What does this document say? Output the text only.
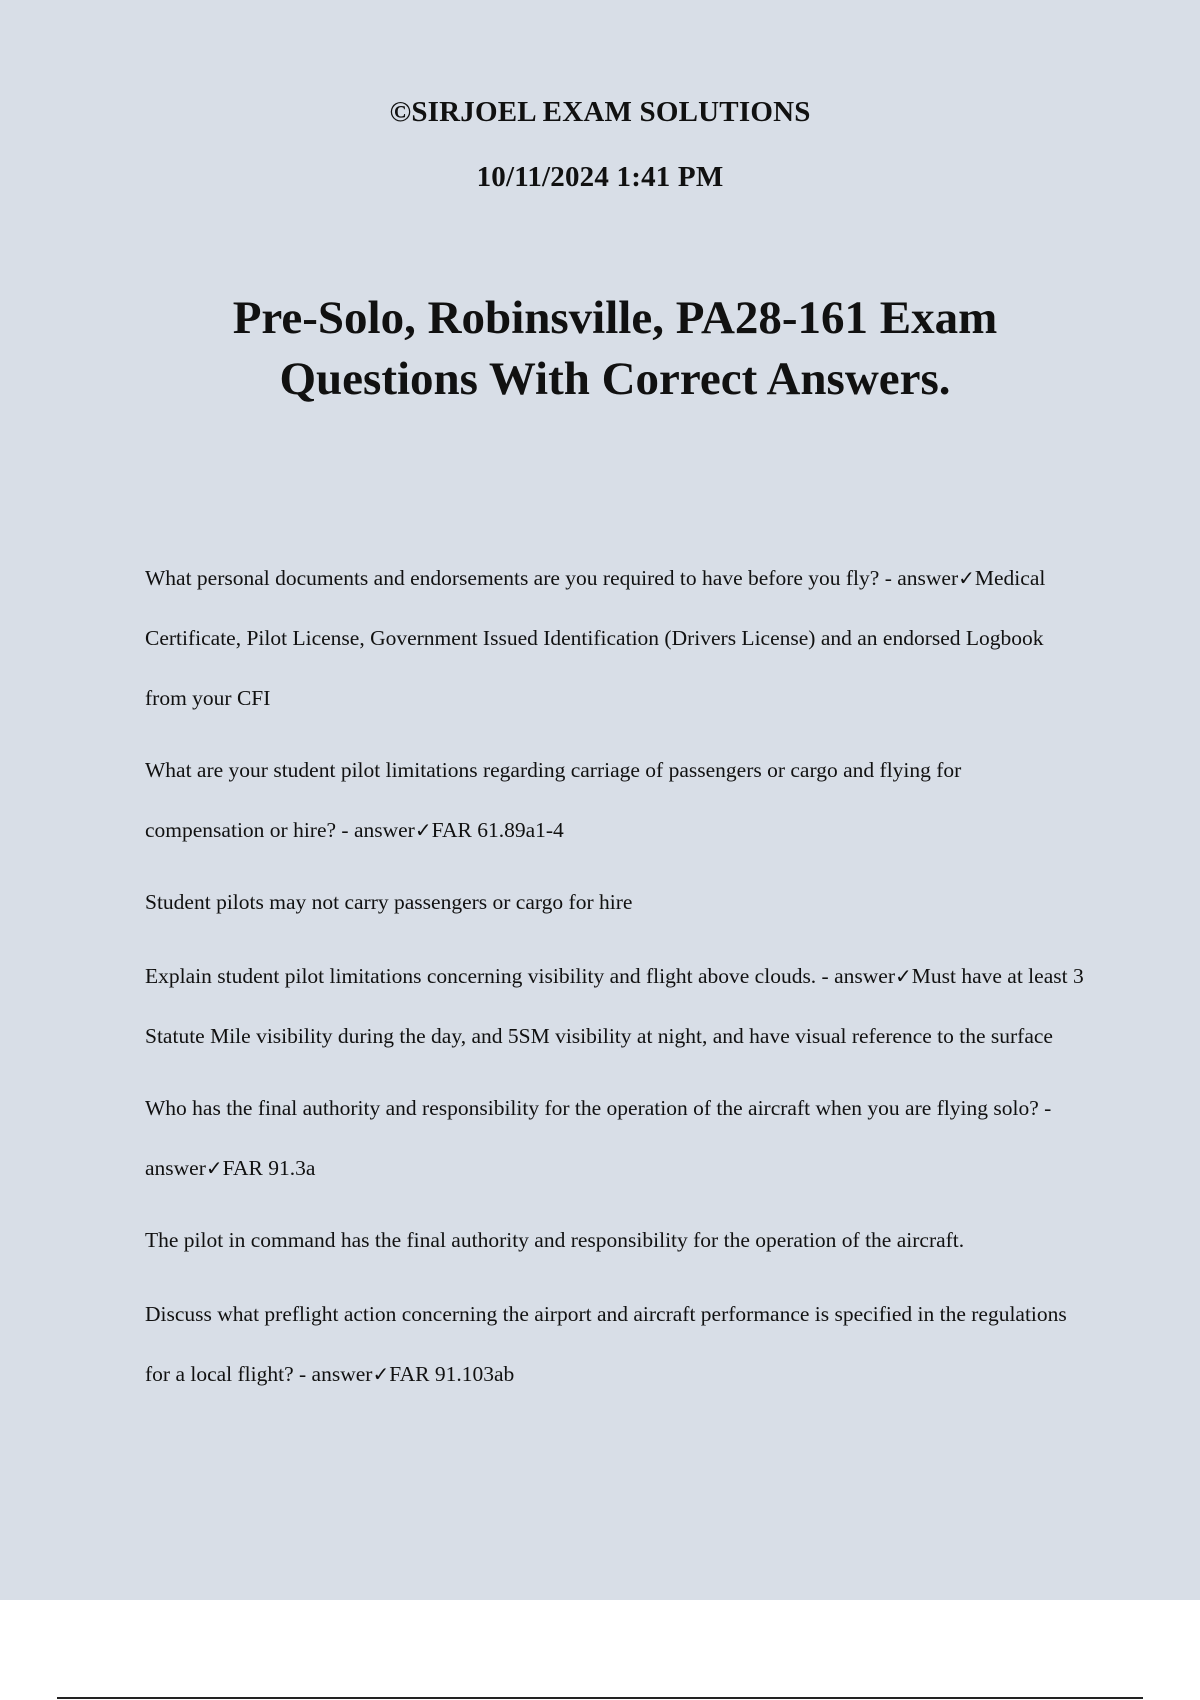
©SIRJOEL EXAM SOLUTIONS
10/11/2024 1:41 PM
Pre-Solo, Robinsville, PA28-161 Exam Questions With Correct Answers.

What personal documents and endorsements are you required to have before you fly? - answer✓Medical Certificate, Pilot License, Government Issued Identification (Drivers License) and an endorsed Logbook from your CFI

What are your student pilot limitations regarding carriage of passengers or cargo and flying for compensation or hire? - answer✓FAR 61.89a1-4

Student pilots may not carry passengers or cargo for hire

Explain student pilot limitations concerning visibility and flight above clouds. - answer✓Must have at least 3 Statute Mile visibility during the day, and 5SM visibility at night, and have visual reference to the surface

Who has the final authority and responsibility for the operation of the aircraft when you are flying solo? - answer✓FAR 91.3a

The pilot in command has the final authority and responsibility for the operation of the aircraft.

Discuss what preflight action concerning the airport and aircraft performance is specified in the regulations for a local flight? - answer✓FAR 91.103ab
